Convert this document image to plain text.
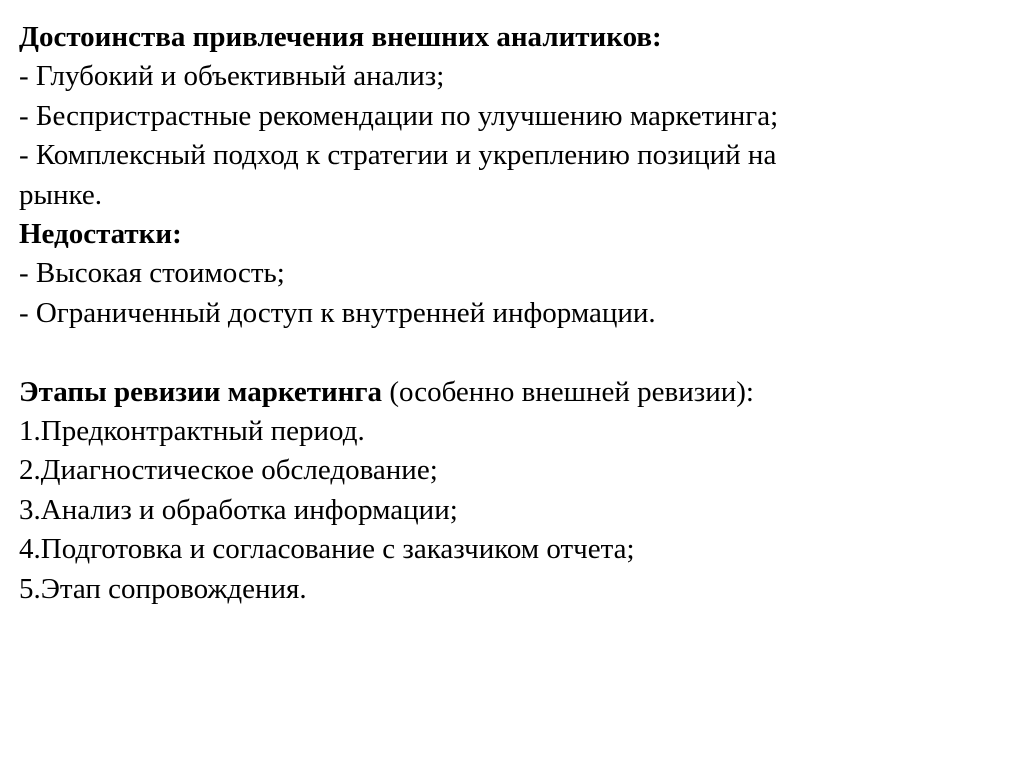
Достоинства привлечения внешних аналитиков:
- Глубокий и объективный анализ;
- Беспристрастные рекомендации по улучшению маркетинга;
- Комплексный подход к стратегии и укреплению позиций на
рынке.
Недостатки:
- Высокая стоимость;
- Ограниченный доступ к внутренней информации.
Этапы ревизии маркетинга (особенно внешней ревизии):
1.Предконтрактный период.
2.Диагностическое обследование;
3.Анализ и обработка информации;
4.Подготовка и согласование с заказчиком отчета;
5.Этап сопровождения.
